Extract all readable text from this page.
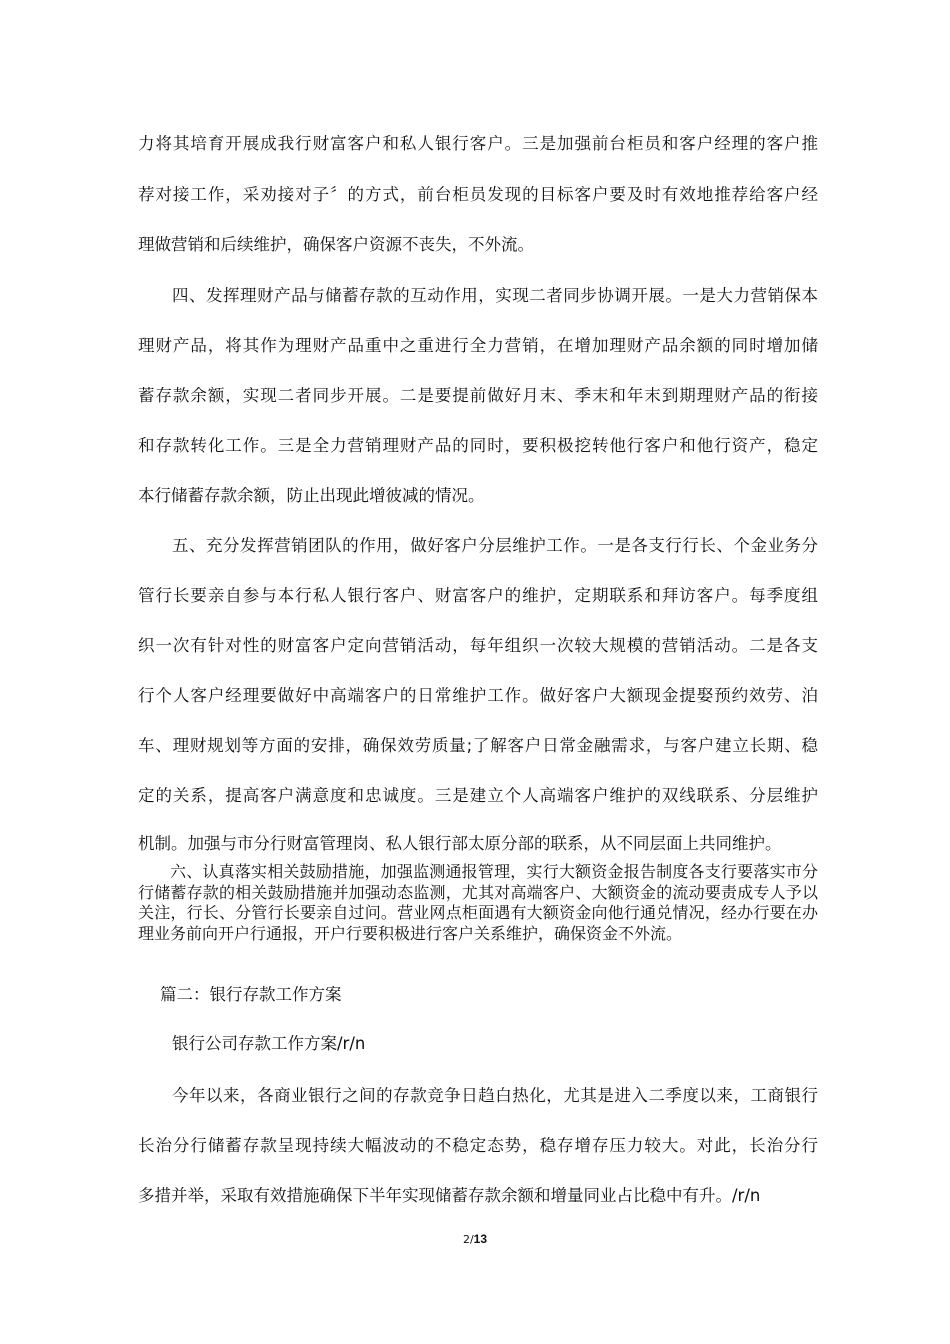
力将其培育开展成我行财富客户和私人银行客户。三是加强前台柜员和客户经理的客户推
荐对接工作，采劝接对子〞的方式，前台柜员发现的目标客户要及时有效地推荐给客户经
理做营销和后续维护，确保客户资源不丧失，不外流。
四、发挥理财产品与储蓄存款的互动作用，实现二者同步协调开展。一是大力营销保本
理财产品，将其作为理财产品重中之重进行全力营销，在增加理财产品余额的同时增加储
蓄存款余额，实现二者同步开展。二是要提前做好月末、季末和年末到期理财产品的衔接
和存款转化工作。三是全力营销理财产品的同时，要积极挖转他行客户和他行资产，稳定
本行储蓄存款余额，防止出现此增彼减的情况。
五、充分发挥营销团队的作用，做好客户分层维护工作。一是各支行行长、个金业务分
管行长要亲自参与本行私人银行客户、财富客户的维护，定期联系和拜访客户。每季度组
织一次有针对性的财富客户定向营销活动，每年组织一次较大规模的营销活动。二是各支
行个人客户经理要做好中高端客户的日常维护工作。做好客户大额现金提娶预约效劳、泊
车、理财规划等方面的安排，确保效劳质量;了解客户日常金融需求，与客户建立长期、稳
定的关系，提高客户满意度和忠诚度。三是建立个人高端客户维护的双线联系、分层维护
机制。加强与市分行财富管理岗、私人银行部太原分部的联系，从不同层面上共同维护。
六、认真落实相关鼓励措施，加强监测通报管理，实行大额资金报告制度各支行要落实市分行储蓄存款的相关鼓励措施并加强动态监测，尤其对高端客户、大额资金的流动要责成专人予以关注，行长、分管行长要亲自过问。营业网点柜面遇有大额资金向他行通兑情况，经办行要在办理业务前向开户行通报，开户行要积极进行客户关系维护，确保资金不外流。
篇二：银行存款工作方案
银行公司存款工作方案/r/n
今年以来，各商业银行之间的存款竞争日趋白热化，尤其是进入二季度以来，工商银行
长治分行储蓄存款呈现持续大幅波动的不稳定态势，稳存增存压力较大。对此，长治分行
多措并举，采取有效措施确保下半年实现储蓄存款余额和增量同业占比稳中有升。/r/n
2/13
